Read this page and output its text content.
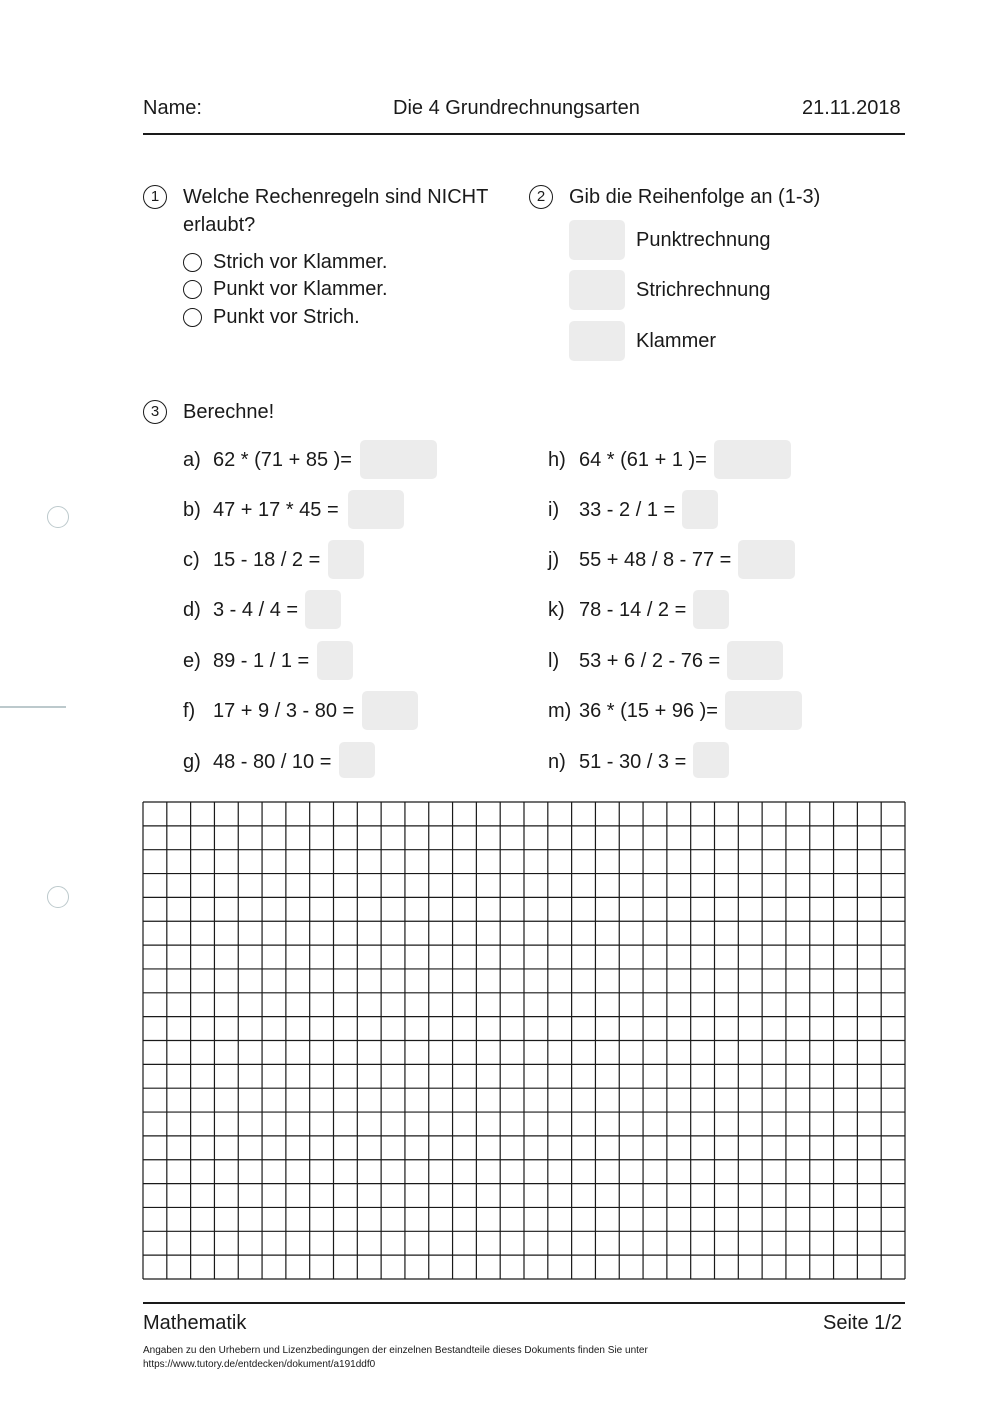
Name:	Die 4 Grundrechnungsarten	21.11.2018
1	Welche Rechenregeln sind NICHT
erlaubt?
Strich vor Klammer.
Punkt vor Klammer.
Punkt vor Strich.
2	Gib die Reihenfolge an (1-3)
Punktrechnung
Strichrechnung
Klammer
3	Berechne!
a) 62 * (71 + 85 )=
b) 47 + 17 * 45 =
c) 15 - 18 / 2 =
d) 3 - 4 / 4 =
e) 89 - 1 / 1 =
f) 17 + 9 / 3 - 80 =
g) 48 - 80 / 10 =
h) 64 * (61 + 1 )=
i) 33 - 2 / 1 =
j) 55 + 48 / 8 - 77 =
k) 78 - 14 / 2 =
l) 53 + 6 / 2 - 76 =
m) 36 * (15 + 96 )=
n) 51 - 30 / 3 =
Mathematik	Seite 1/2
Angaben zu den Urhebern und Lizenzbedingungen der einzelnen Bestandteile dieses Dokuments finden Sie unter
https://www.tutory.de/entdecken/dokument/a191ddf0
